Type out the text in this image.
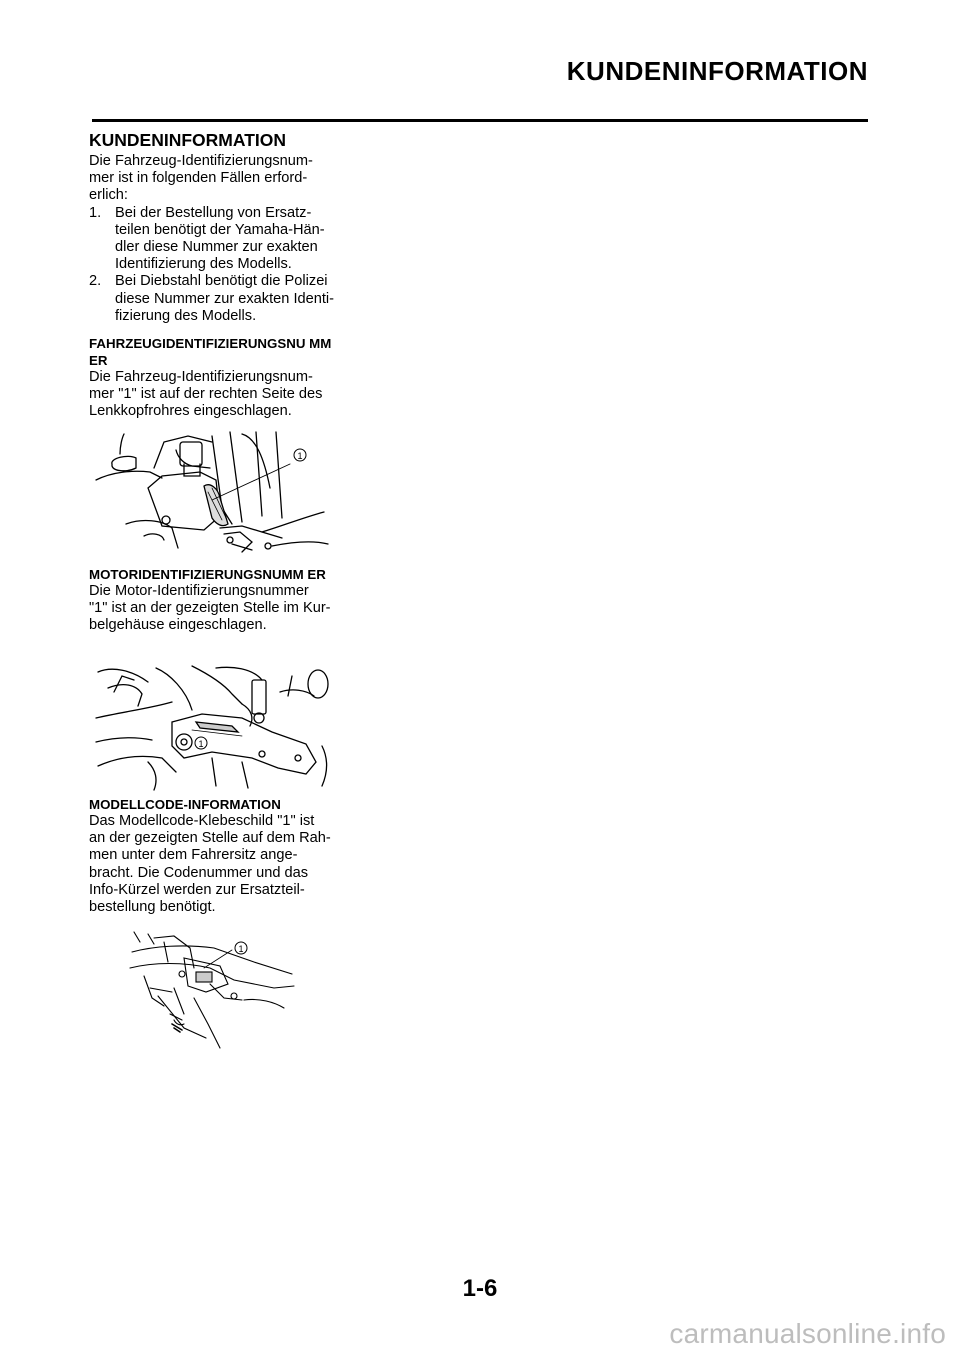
KUNDENINFORMATION
KUNDENINFORMATION

Die Fahrzeug-Identifizierungsnum-
mer ist in folgenden Fällen erford-
erlich:

1. Bei der Bestellung von Ersatz-
teilen benötigt der Yamaha-Hän-
dler diese Nummer zur exakten
Identifizierung des Modells.
2. Bei Diebstahl benötigt die Polizei
diese Nummer zur exakten Identi-
fizierung des Modells.
FAHRZEUGIDENTIFIZIERUNGSNU MMER

Die Fahrzeug-Identifizierungsnum-
mer "1" ist auf der rechten Seite des
Lenkkopfrohres eingeschlagen.

1
MOTORIDENTIFIZIERUNGSNUMM ER

Die Motor-Identifizierungsnummer
"1" ist an der gezeigten Stelle im Kur-
belgehäuse eingeschlagen.

1
MODELLCODE-INFORMATION

Das Modellcode-Klebeschild "1" ist
an der gezeigten Stelle auf dem Rah-
men unter dem Fahrersitz ange-
bracht. Die Codenummer und das
Info-Kürzel werden zur Ersatzteil-
bestellung benötigt.

1
1-6
carmanualsonline.info
